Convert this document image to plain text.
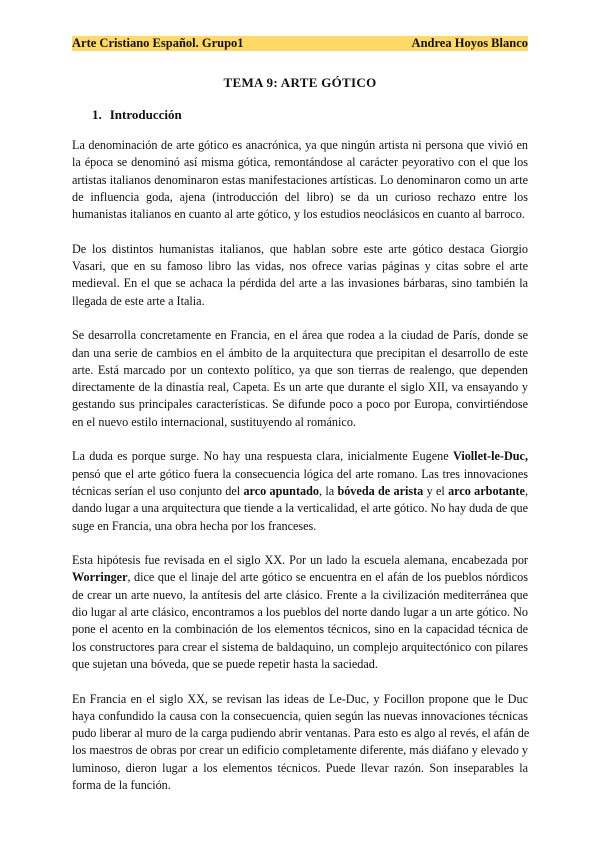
Arte Cristiano Español. Grupo1	Andrea Hoyos Blanco
TEMA 9: ARTE GÓTICO
1. Introducción
La denominación de arte gótico es anacrónica, ya que ningún artista ni persona que vivió en
la época se denominó así misma gótica, remontándose al carácter peyorativo con el que los
artistas italianos denominaron estas manifestaciones artísticas. Lo denominaron como un arte
de influencia goda, ajena (introducción del libro) se da un curioso rechazo entre los
humanistas italianos en cuanto al arte gótico, y los estudios neoclásicos en cuanto al barroco.
De los distintos humanistas italianos, que hablan sobre este arte gótico destaca Giorgio
Vasari, que en su famoso libro las vidas, nos ofrece varias páginas y citas sobre el arte
medieval. En el que se achaca la pérdida del arte a las invasiones bárbaras, sino también la
llegada de este arte a Italia.
Se desarrolla concretamente en Francia, en el área que rodea a la ciudad de París, donde se
dan una serie de cambios en el ámbito de la arquitectura que precipitan el desarrollo de este
arte. Está marcado por un contexto político, ya que son tierras de realengo, que dependen
directamente de la dinastía real, Capeta. Es un arte que durante el siglo XII, va ensayando y
gestando sus principales características. Se difunde poco a poco por Europa, convirtiéndose
en el nuevo estilo internacional, sustituyendo al románico.
La duda es porque surge. No hay una respuesta clara, inicialmente Eugene Viollet-le-Duc,
pensó que el arte gótico fuera la consecuencia lógica del arte romano. Las tres innovaciones
técnicas serían el uso conjunto del arco apuntado, la bóveda de arista y el arco arbotante,
dando lugar a una arquitectura que tiende a la verticalidad, el arte gótico. No hay duda de que
suge en Francia, una obra hecha por los franceses.
Esta hipótesis fue revisada en el siglo XX. Por un lado la escuela alemana, encabezada por
Worringer, dice que el linaje del arte gótico se encuentra en el afán de los pueblos nórdicos
de crear un arte nuevo, la antítesis del arte clásico. Frente a la civilización mediterránea que
dio lugar al arte clásico, encontramos a los pueblos del norte dando lugar a un arte gótico. No
pone el acento en la combinación de los elementos técnicos, sino en la capacidad técnica de
los constructores para crear el sistema de baldaquino, un complejo arquitectónico con pilares
que sujetan una bóveda, que se puede repetir hasta la saciedad.
En Francia en el siglo XX, se revisan las ideas de Le-Duc, y Focillon propone que le Duc
haya confundido la causa con la consecuencia, quien según las nuevas innovaciones técnicas
pudo liberar al muro de la carga pudiendo abrir ventanas. Para esto es algo al revés, el afán de
los maestros de obras por crear un edificio completamente diferente, más diáfano y elevado y
luminoso, dieron lugar a los elementos técnicos. Puede llevar razón. Son inseparables la
forma de la función.
